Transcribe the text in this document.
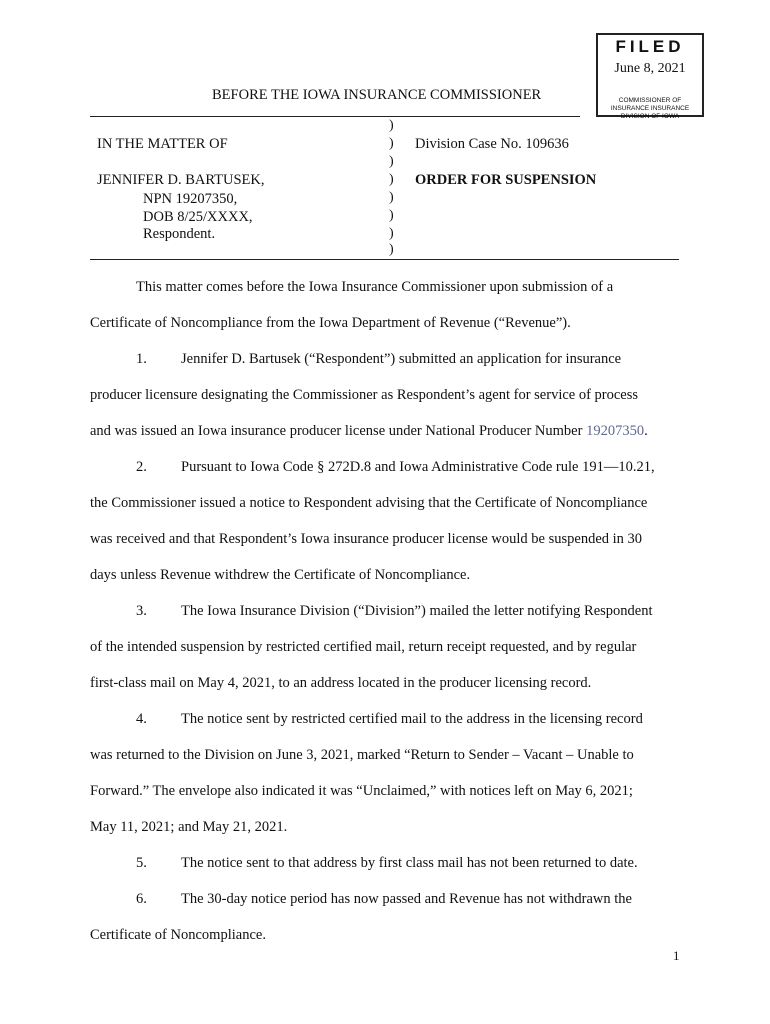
FILED
June 8, 2021
COMMISSIONER OF INSURANCE INSURANCE DIVISION OF IOWA
BEFORE THE IOWA INSURANCE COMMISSIONER
IN THE MATTER OF
JENNIFER D. BARTUSEK,
NPN 19207350,
DOB 8/25/XXXX,
Respondent.
)
)
)
)
)
)
)
)
Division Case No. 109636
ORDER FOR SUSPENSION
This matter comes before the Iowa Insurance Commissioner upon submission of a
Certificate of Noncompliance from the Iowa Department of Revenue (“Revenue”).
1. Jennifer D. Bartusek (“Respondent”) submitted an application for insurance
producer licensure designating the Commissioner as Respondent’s agent for service of process
and was issued an Iowa insurance producer license under National Producer Number 19207350.
2. Pursuant to Iowa Code § 272D.8 and Iowa Administrative Code rule 191—10.21,
the Commissioner issued a notice to Respondent advising that the Certificate of Noncompliance
was received and that Respondent’s Iowa insurance producer license would be suspended in 30
days unless Revenue withdrew the Certificate of Noncompliance.
3. The Iowa Insurance Division (“Division”) mailed the letter notifying Respondent
of the intended suspension by restricted certified mail, return receipt requested, and by regular
first-class mail on May 4, 2021, to an address located in the producer licensing record.
4. The notice sent by restricted certified mail to the address in the licensing record
was returned to the Division on June 3, 2021, marked “Return to Sender – Vacant – Unable to
Forward.” The envelope also indicated it was “Unclaimed,” with notices left on May 6, 2021;
May 11, 2021; and May 21, 2021.
5. The notice sent to that address by first class mail has not been returned to date.
6. The 30-day notice period has now passed and Revenue has not withdrawn the
Certificate of Noncompliance.
1
